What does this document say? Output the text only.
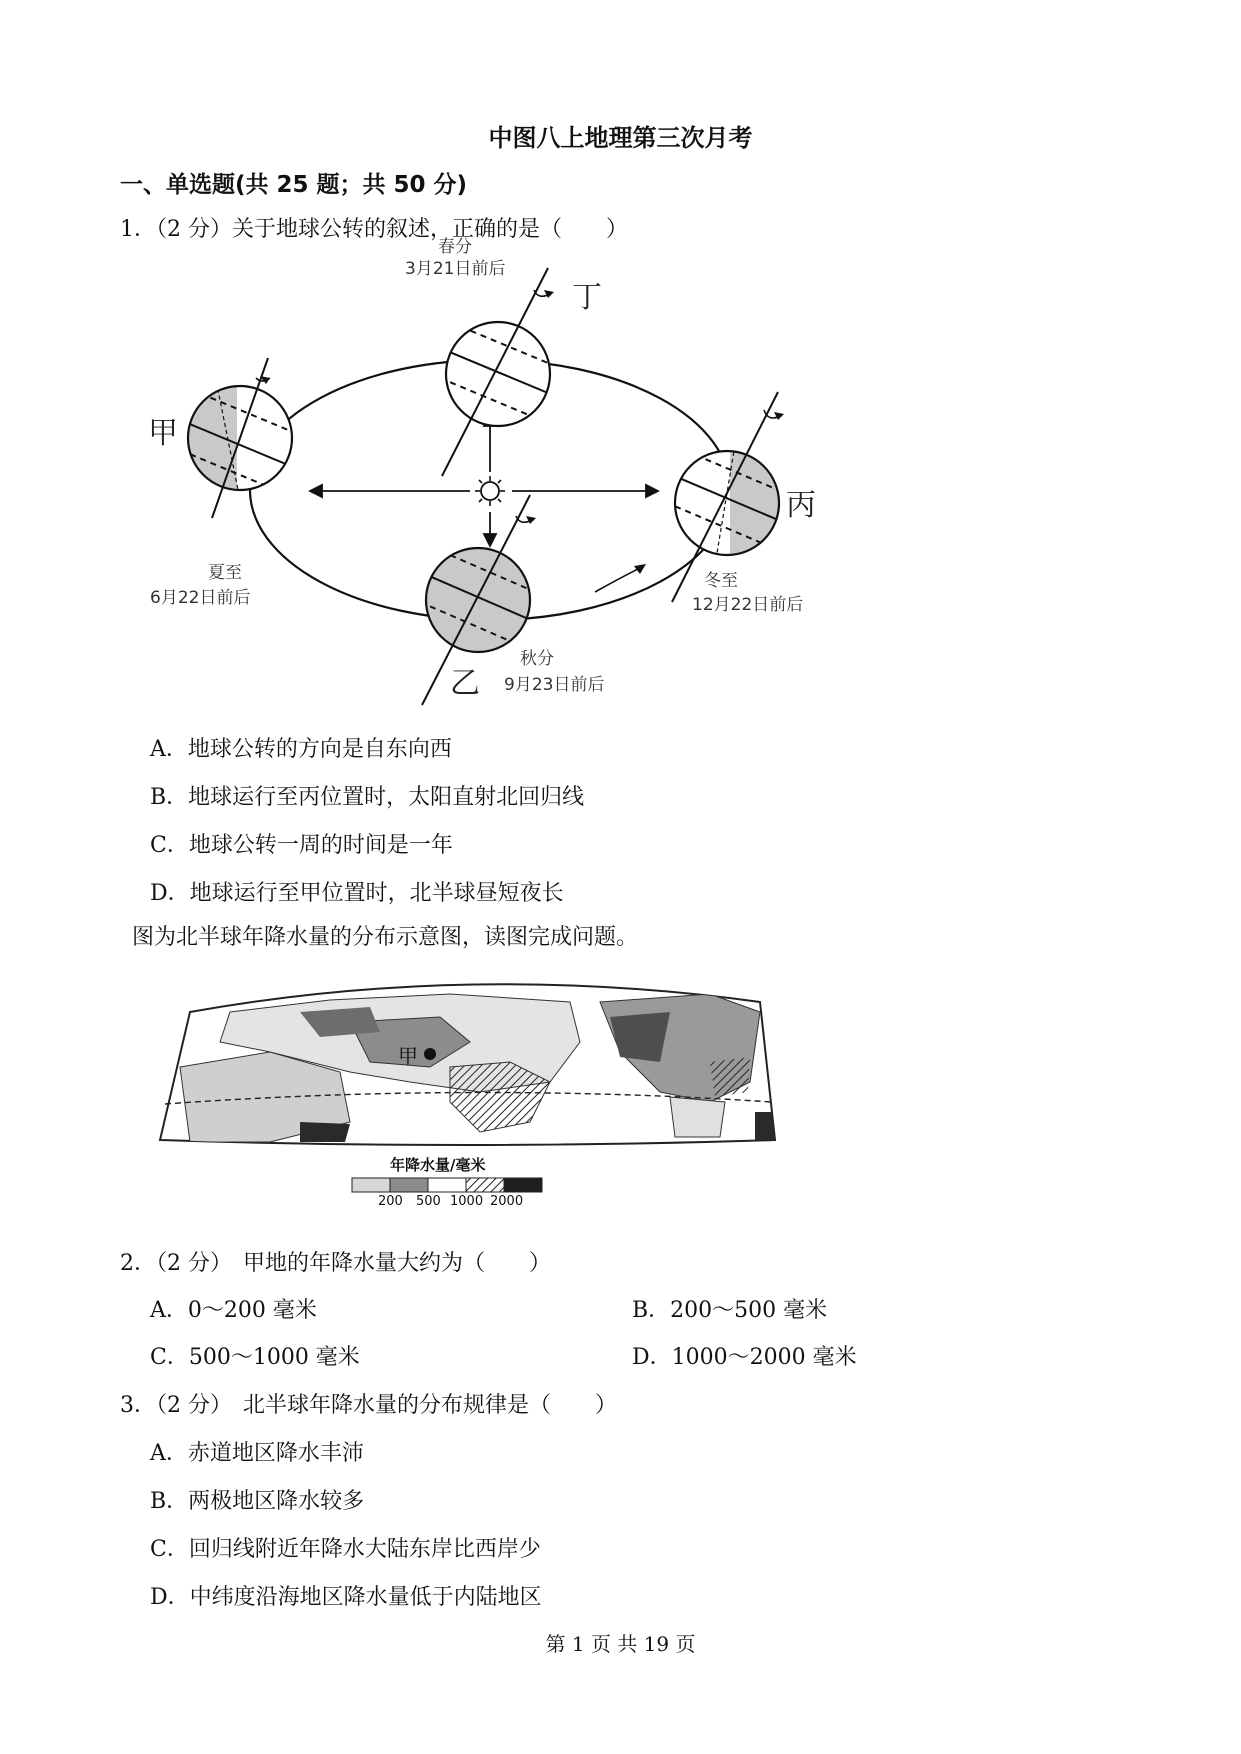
中图八上地理第三次月考
一、单选题(共 25 题；共 50 分)
1．（2 分）关于地球公转的叙述，正确的是（　　）
春分
3月21日前后
丁
甲
丙
乙
夏至
6月22日前后
冬至
12月22日前后
秋分
9月23日前后
A．地球公转的方向是自东向西
B．地球运行至丙位置时，太阳直射北回归线
C．地球公转一周的时间是一年
D．地球运行至甲位置时，北半球昼短夜长
图为北半球年降水量的分布示意图，读图完成问题。
甲
年降水量/毫米
200 500 1000 2000
2．（2 分）　甲地的年降水量大约为（　　）
A．0～200 毫米	B．200～500 毫米
C．500～1000 毫米	D．1000～2000 毫米
3．（2 分）　北半球年降水量的分布规律是（　　）
A．赤道地区降水丰沛
B．两极地区降水较多
C．回归线附近年降水大陆东岸比西岸少
D．中纬度沿海地区降水量低于内陆地区
第 1 页 共 19 页
